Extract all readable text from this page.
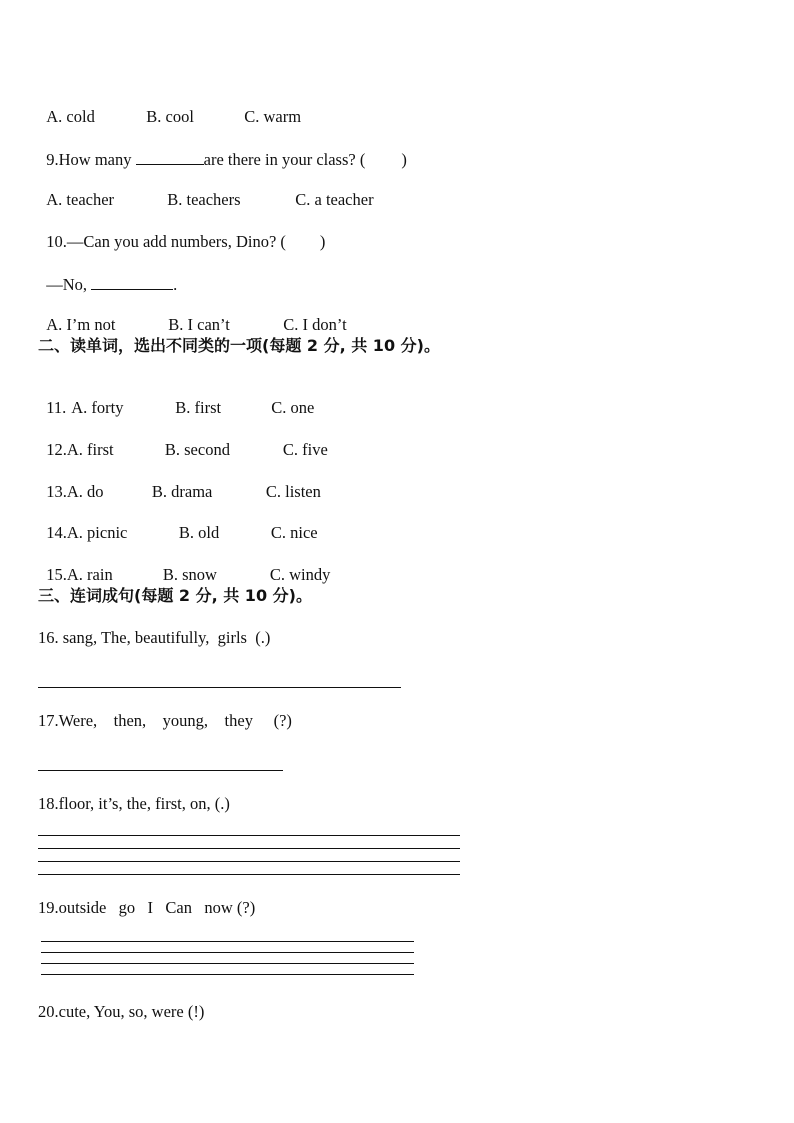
A. cold	B. cool	C. warm

9.How many	are there in your class? ( )

A. teacher	B. teachers	C. a teacher

10.—Can you add numbers, Dino? ( )

—No,	.

A. I’m not	B. I can’t	C. I don’t

二、读单词，选出不同类的一项(每题 2 分, 共 10 分)。

11. A. forty	B. first	C. one

12.A. first	B. second	C. five

13.A. do	B. drama	C. listen

14.A. picnic	B. old	C. nice

15.A. rain	B. snow	C. windy

三、连词成句(每题 2 分, 共 10 分)。
16. sang, The, beautifully,  girls  (.)
17.Were,    then,    young,    they     (?)
18.floor, it’s, the, first, on, (.)
19.outside   go   I   Can   now (?)
20.cute, You, so, were (!)
